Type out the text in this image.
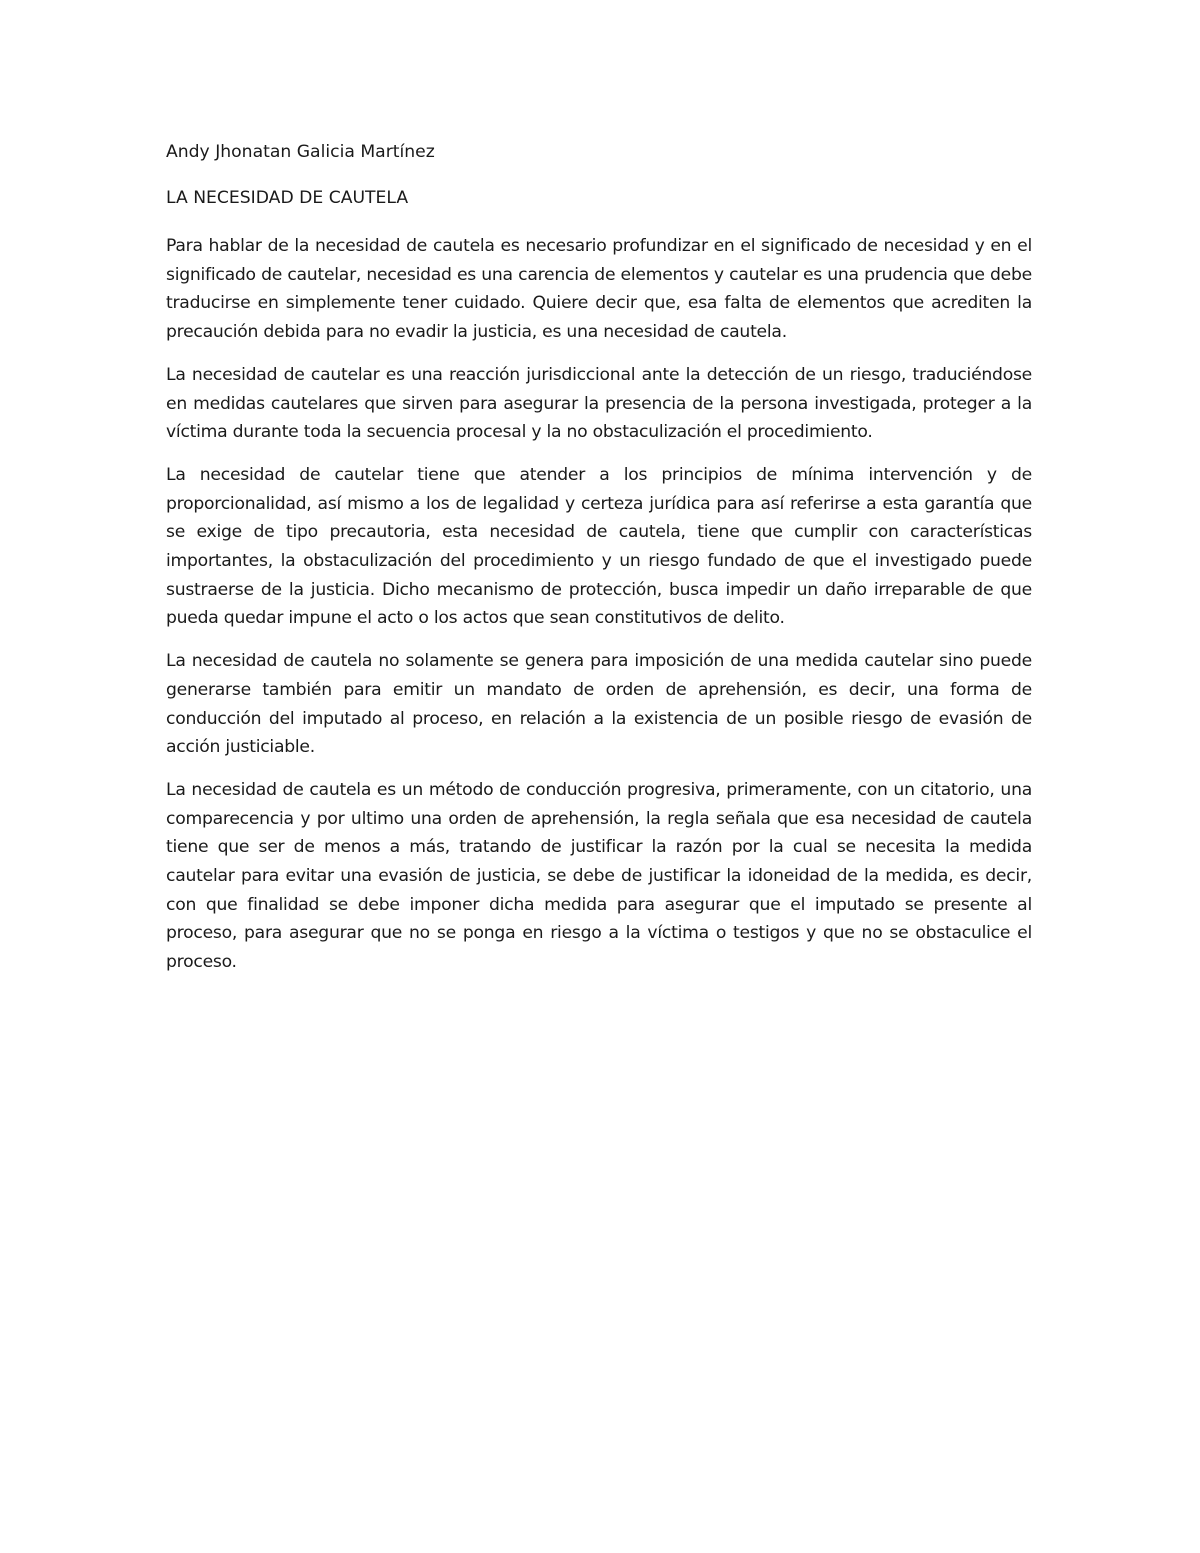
Andy Jhonatan Galicia Martínez

LA NECESIDAD DE CAUTELA

Para hablar de la necesidad de cautela es necesario profundizar en el significado de necesidad y en el significado de cautelar, necesidad es una carencia de elementos y cautelar es una prudencia que debe traducirse en simplemente tener cuidado. Quiere decir que, esa falta de elementos que acrediten la precaución debida para no evadir la justicia, es una necesidad de cautela.

La necesidad de cautelar es una reacción jurisdiccional ante la detección de un riesgo, traduciéndose en medidas cautelares que sirven para asegurar la presencia de la persona investigada, proteger a la víctima durante toda la secuencia procesal y la no obstaculización el procedimiento.

La necesidad de cautelar tiene que atender a los principios de mínima intervención y de proporcionalidad, así mismo a los de legalidad y certeza jurídica para así referirse a esta garantía que se exige de tipo precautoria, esta necesidad de cautela, tiene que cumplir con características importantes, la obstaculización del procedimiento y un riesgo fundado de que el investigado puede sustraerse de la justicia. Dicho mecanismo de protección, busca impedir un daño irreparable de que pueda quedar impune el acto o los actos que sean constitutivos de delito.

La necesidad de cautela no solamente se genera para imposición de una medida cautelar sino puede generarse también para emitir un mandato de orden de aprehensión, es decir, una forma de conducción del imputado al proceso, en relación a la existencia de un posible riesgo de evasión de acción justiciable.

La necesidad de cautela es un método de conducción progresiva, primeramente, con un citatorio, una comparecencia y por ultimo una orden de aprehensión, la regla señala que esa necesidad de cautela tiene que ser de menos a más, tratando de justificar la razón por la cual se necesita la medida cautelar para evitar una evasión de justicia, se debe de justificar la idoneidad de la medida, es decir, con que finalidad se debe imponer dicha medida para asegurar que el imputado se presente al proceso, para asegurar que no se ponga en riesgo a la víctima o testigos y que no se obstaculice el proceso.
